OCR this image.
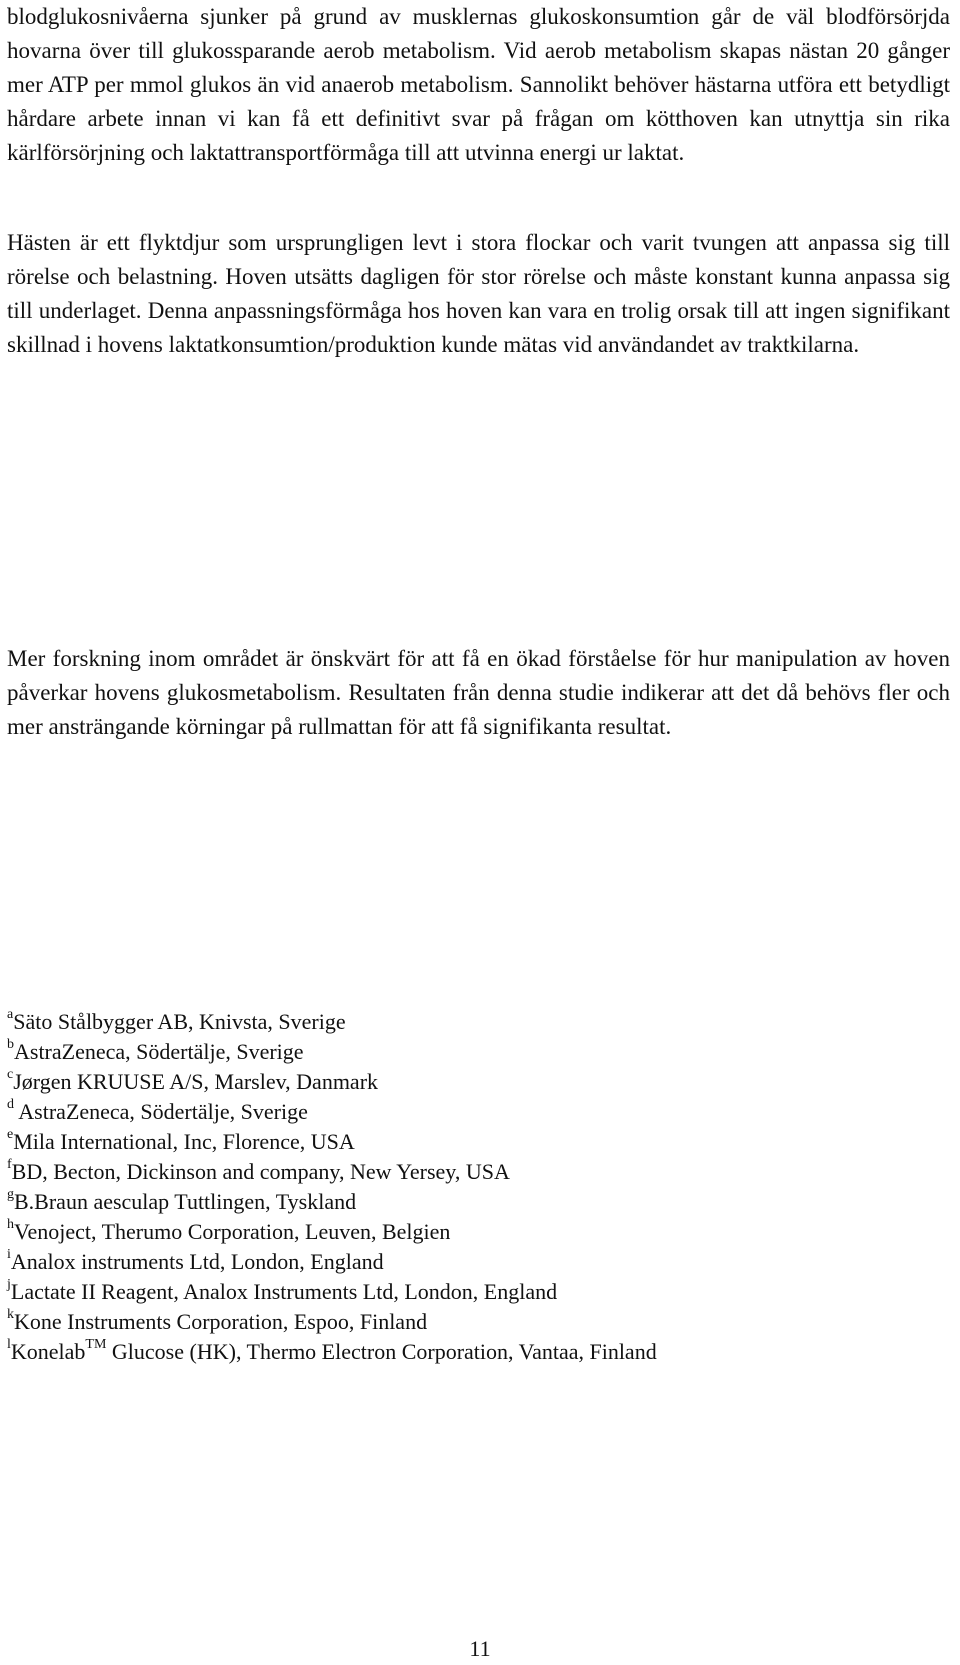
blodglukosnivåerna sjunker på grund av musklernas glukoskonsumtion går de väl blodförsörjda hovarna över till glukossparande aerob metabolism. Vid aerob metabolism skapas nästan 20 gånger mer ATP per mmol glukos än vid anaerob metabolism. Sannolikt behöver hästarna utföra ett betydligt hårdare arbete innan vi kan få ett definitivt svar på frågan om kötthoven kan utnyttja sin rika kärlförsörjning och laktattransportförmåga till att utvinna energi ur laktat.

Hästen är ett flyktdjur som ursprungligen levt i stora flockar och varit tvungen att anpassa sig till rörelse och belastning. Hoven utsätts dagligen för stor rörelse och måste konstant kunna anpassa sig till underlaget. Denna anpassningsförmåga hos hoven kan vara en trolig orsak till att ingen signifikant skillnad i hovens laktatkonsumtion/produktion kunde mätas vid användandet av traktkilarna.

Mer forskning inom området är önskvärt för att få en ökad förståelse för hur manipulation av hoven påverkar hovens glukosmetabolism. Resultaten från denna studie indikerar att det då behövs fler och mer ansträngande körningar på rullmattan för att få signifikanta resultat.

$^a$Säto Stålbygger AB, Knivsta, Sverige
$^b$AstraZeneca, Södertälje, Sverige
$^c$Jørgen KRUUSE A/S, Marslev, Danmark
$^d$ AstraZeneca, Södertälje, Sverige
$^e$Mila International, Inc, Florence, USA
$^f$BD, Becton, Dickinson and company, New Yersey, USA
$^g$B.Braun aesculap Tuttlingen, Tyskland
$^h$Venoject, Therumo Corporation, Leuven, Belgien
$^i$Analox instruments Ltd, London, England
$^j$Lactate II Reagent, Analox Instruments Ltd, London, England
$^k$Kone Instruments Corporation, Espoo, Finland
$^l$Konelab™ Glucose (HK), Thermo Electron Corporation, Vantaa, Finland
11
